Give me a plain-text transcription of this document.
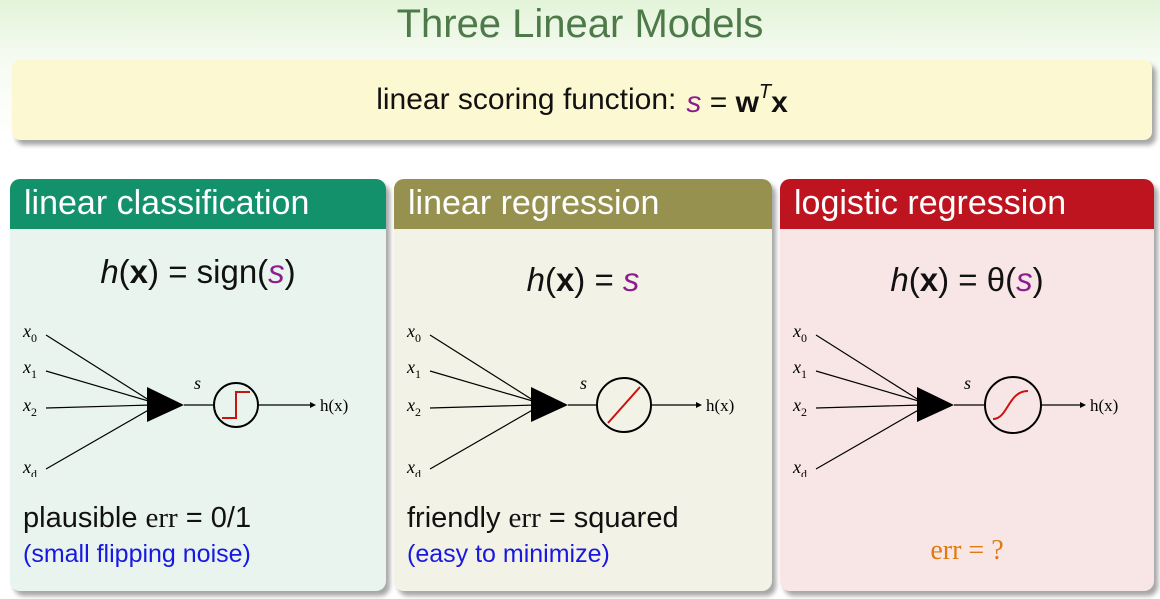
Three Linear Models
linear scoring function: $s = w^Tx$
linear classification
h(x) = sign(s)
$x_0$
$x_1$
$x_2$
$x_d$
s
h(x)
plausible err = 0/1
(small flipping noise)
linear regression
h(x) = s
$x_0$
$x_1$
$x_2$
$x_d$
s
h(x)
friendly err = squared
(easy to minimize)
logistic regression
h(x) = θ(s)
$x_0$
$x_1$
$x_2$
$x_d$
s
h(x)
err = ?
